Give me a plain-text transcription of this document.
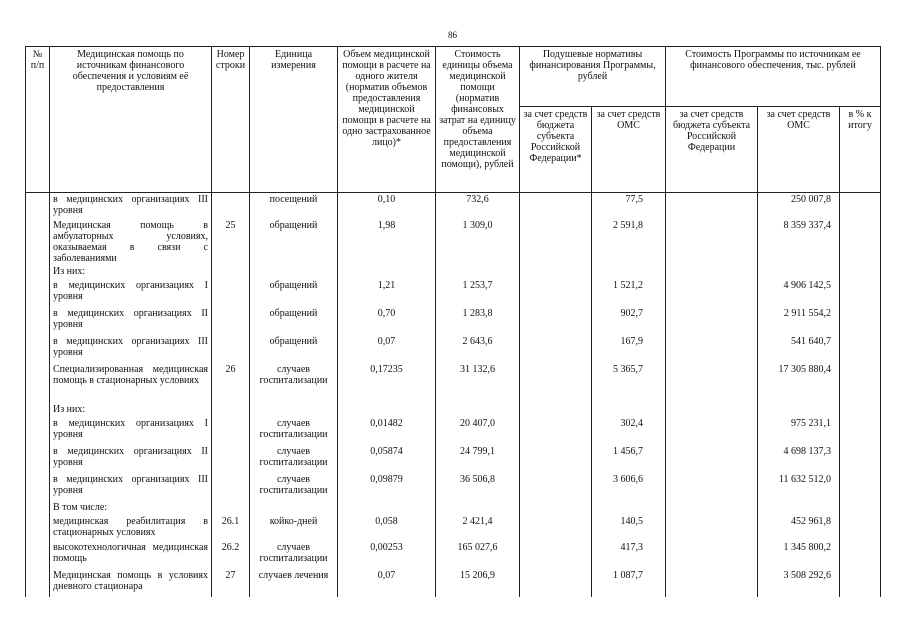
86
№ п/п	Медицинская помощь по источникам финансового обеспечения и условиям её предоставления	Номер строки	Единица измерения	Объем медицинской помощи в расчете на одного жителя (норматив объемов предоставления медицинской помощи в расчете на одно застрахованное лицо)*	Стоимость единицы объема медицинской помощи (норматив финансовых затрат на единицу объема предоставления медицинской помощи), рублей	Подушевые нормативы финансирования Программы, рублей		Стоимость Программы по источникам ее финансового обеспечения, тыс. рублей		
						за счет средств бюджета субъекта Российской Федерации*	за счет средств ОМС	за счет средств бюджета субъекта Российской Федерации	за счет средств ОМС	в % к итогу
	в медицинских организациях III уровня		посещений	0,10	732,6		77,5		250 007,8	
	Медицинская помощь в амбулаторных условиях, оказываемая в связи с заболеваниями	25	обращений	1,98	1 309,0		2 591,8		8 359 337,4	
	Из них:									
	в медицинских организациях I уровня		обращений	1,21	1 253,7		1 521,2		4 906 142,5	
	в медицинских организациях II уровня		обращений	0,70	1 283,8		902,7		2 911 554,2	
	в медицинских организациях III уровня		обращений	0,07	2 643,6		167,9		541 640,7	
	Специализированная медицинская помощь в стационарных условиях	26	случаев госпитализации	0,17235	31 132,6		5 365,7		17 305 880,4	
	Из них:									
	в медицинских организациях I уровня		случаев госпитализации	0,01482	20 407,0		302,4		975 231,1	
	в медицинских организациях II уровня		случаев госпитализации	0,05874	24 799,1		1 456,7		4 698 137,3	
	в медицинских организациях III уровня		случаев госпитализации	0,09879	36 506,8		3 606,6		11 632 512,0	
	В том числе:									
	медицинская реабилитация в стационарных условиях	26.1	койко-дней	0,058	2 421,4		140,5		452 961,8	
	высокотехнологичная медицинская помощь	26.2	случаев госпитализации	0,00253	165 027,6		417,3		1 345 800,2	
	Медицинская помощь в условиях дневного стационара	27	случаев лечения	0,07	15 206,9		1 087,7		3 508 292,6	
